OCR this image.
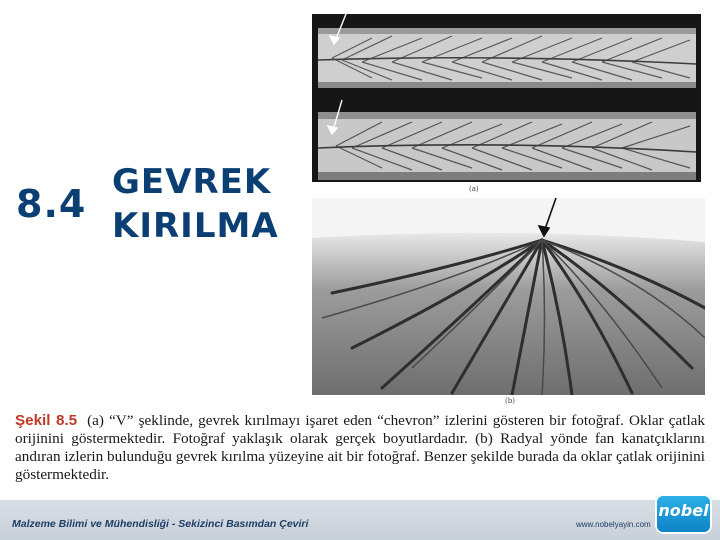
8.4 GEVREK
KIRILMA
(a)
(b)
Şekil 8.5 (a) “V” şeklinde, gevrek kırılmayı işaret eden “chevron” izlerini gösteren bir fotoğraf. Oklar çatlak orijinini göstermektedir. Fotoğraf yaklaşık olarak gerçek boyutlardadır. (b) Radyal yönde fan kanatçıklarını andıran izlerin bulunduğu gevrek kırılma yüzeyine ait bir fotoğraf. Benzer şekilde burada da oklar çatlak orijinini göstermektedir.
Malzeme Bilimi ve Mühendisliği - Sekizinci Basımdan Çeviri	www.nobelyayin.com
nobel
